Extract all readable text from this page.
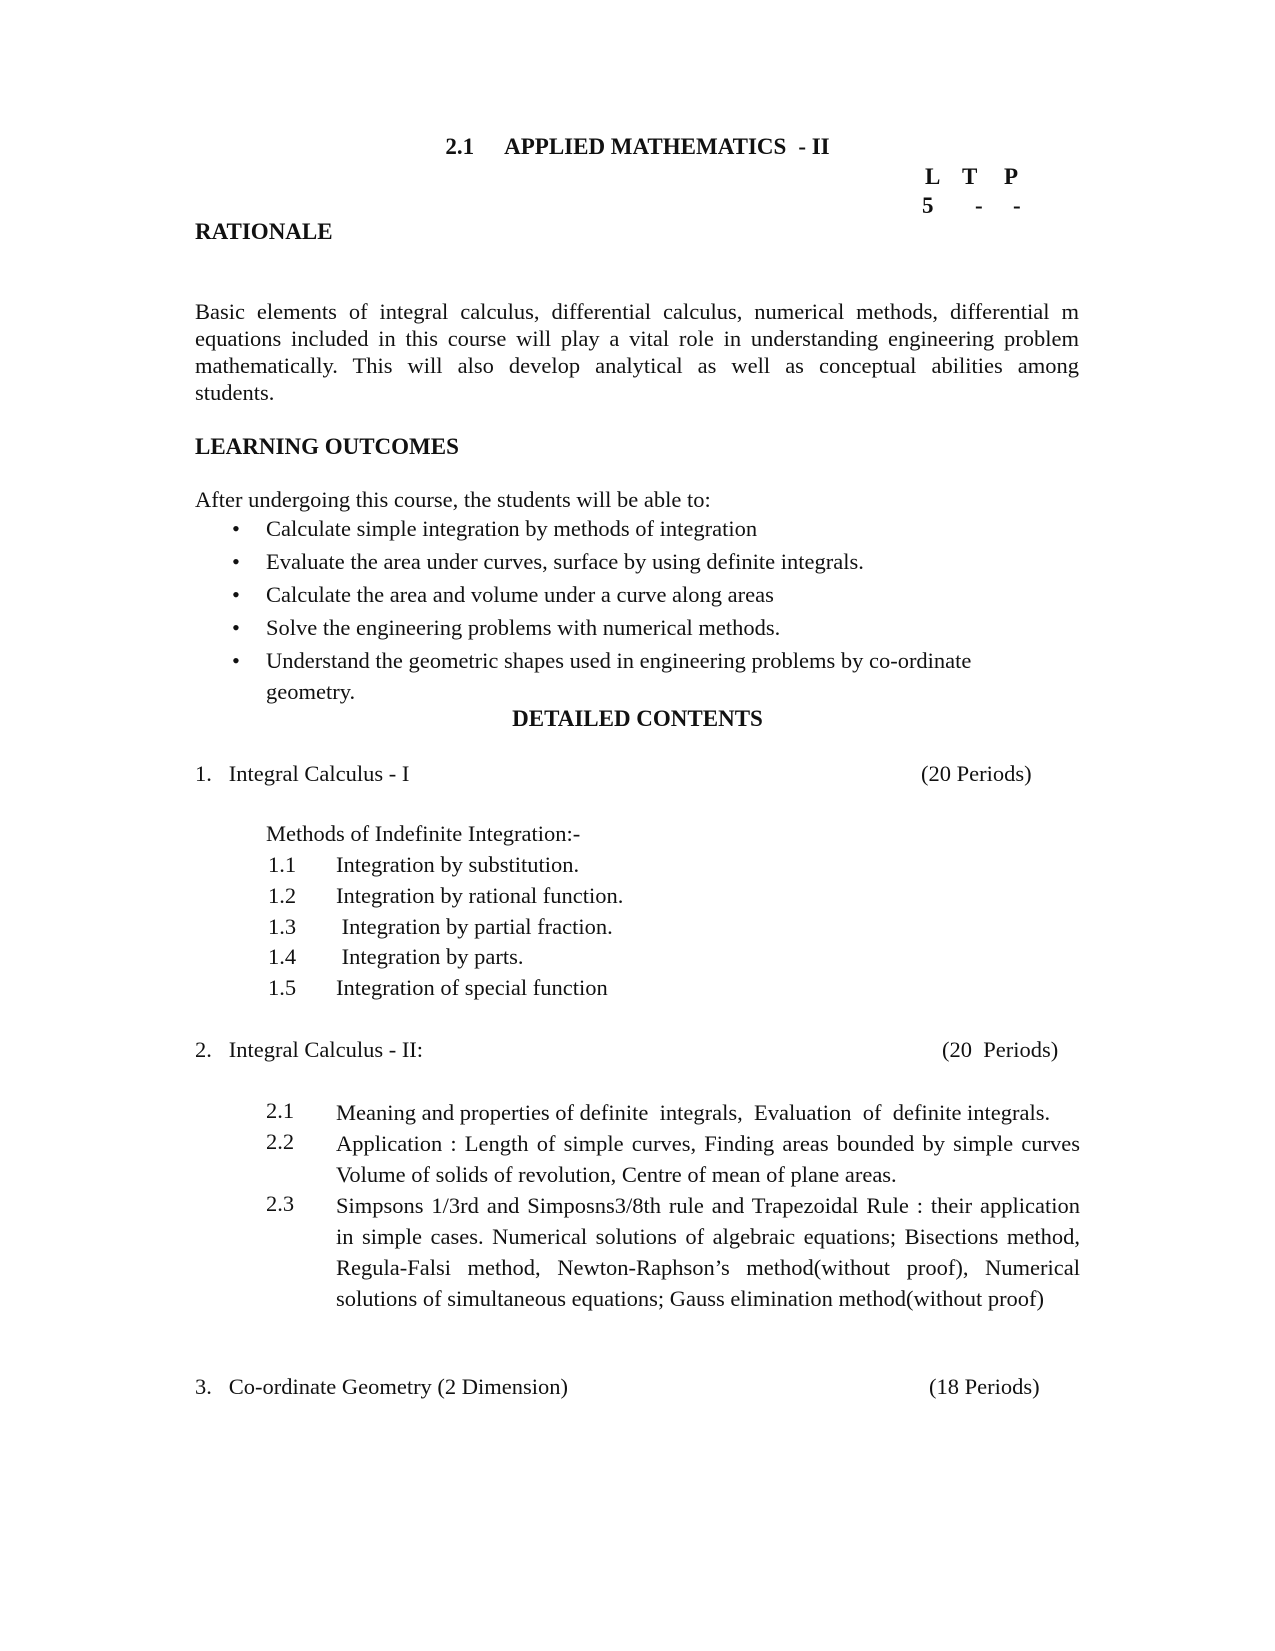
2.1 APPLIED MATHEMATICS - II
L T P
5 - -
RATIONALE
Basic elements of integral calculus, differential calculus, numerical methods, differential m
equations included in this course will play a vital role in understanding engineering problem
mathematically. This will also develop analytical as well as conceptual abilities among
students.
LEARNING OUTCOMES
After undergoing this course, the students will be able to:
• Calculate simple integration by methods of integration
• Evaluate the area under curves, surface by using definite integrals.
• Calculate the area and volume under a curve along areas
• Solve the engineering problems with numerical methods.
• Understand the geometric shapes used in engineering problems by co-ordinate geometry.
DETAILED CONTENTS
1.   Integral Calculus - I	(20 Periods)
Methods of Indefinite Integration:-
1.1 Integration by substitution.
1.2 Integration by rational function.
1.3 Integration by partial fraction.
1.4 Integration by parts.
1.5 Integration of special function
2.   Integral Calculus - II:	(20  Periods)
2.1 Meaning and properties of definite  integrals,  Evaluation  of  definite integrals.
2.2 Application : Length of simple curves, Finding areas bounded by simple curves Volume of solids of revolution, Centre of mean of plane areas.
2.3 Simpsons 1/3rd and Simposns3/8th rule and Trapezoidal Rule : their application in simple cases. Numerical solutions of algebraic equations; Bisections method, Regula-Falsi method, Newton-Raphson’s method(without proof), Numerical solutions of simultaneous equations; Gauss elimination method(without proof)
3.   Co-ordinate Geometry (2 Dimension)	(18 Periods)
